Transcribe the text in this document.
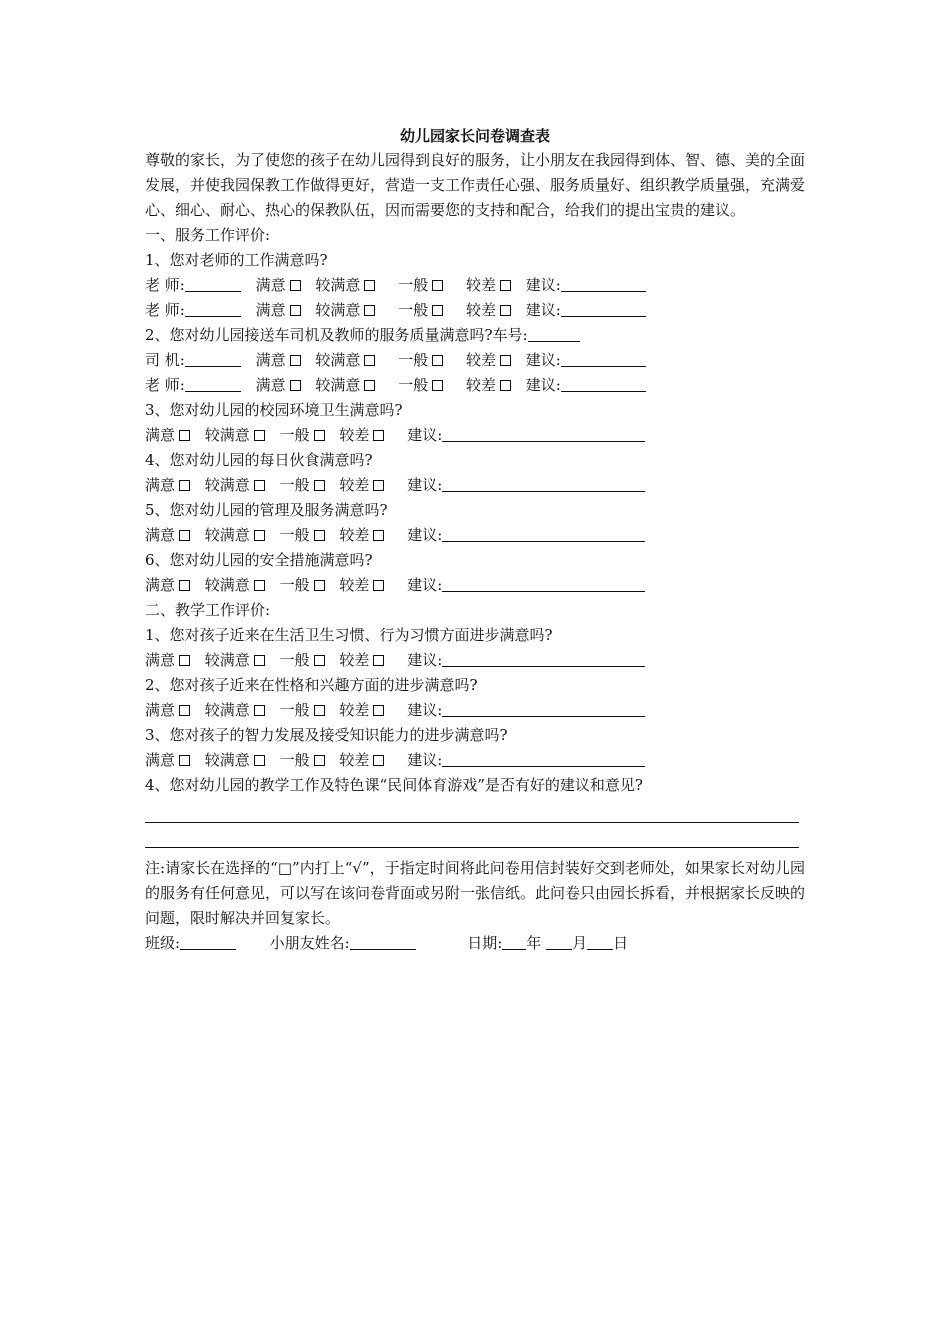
幼儿园家长问卷调查表

尊敬的家长，为了使您的孩子在幼儿园得到良好的服务，让小朋友在我园得到体、智、德、美的全面发展，并使我园保教工作做得更好，营造一支工作责任心强、服务质量好、组织教学质量强，充满爱心、细心、耐心、热心的保教队伍，因而需要您的支持和配合，给我们的提出宝贵的建议。

一、服务工作评价:
1、您对老师的工作满意吗?
老 师:	满意 较满意	一般	较差 建议:
老 师:	满意 较满意	一般	较差 建议:
2、您对幼儿园接送车司机及教师的服务质量满意吗?车号:
司 机:	满意 较满意	一般	较差 建议:
老 师:	满意 较满意	一般	较差 建议:
3、您对幼儿园的校园环境卫生满意吗?
满意 较满意 一般 较差	建议:
4、您对幼儿园的每日伙食满意吗?
满意 较满意 一般 较差	建议:
5、您对幼儿园的管理及服务满意吗?
满意 较满意 一般 较差	建议:
6、您对幼儿园的安全措施满意吗?
满意 较满意 一般 较差	建议:
二、教学工作评价:
1、您对孩子近来在生活卫生习惯、行为习惯方面进步满意吗?
满意 较满意 一般 较差	建议:
2、您对孩子近来在性格和兴趣方面的进步满意吗?
满意 较满意 一般 较差	建议:
3、您对孩子的智力发展及接受知识能力的进步满意吗?
满意 较满意 一般 较差	建议:
4、您对幼儿园的教学工作及特色课“民间体育游戏”是否有好的建议和意见?

注:请家长在选择的“□”内打上“√”，于指定时间将此问卷用信封装好交到老师处，如果家长对幼儿园的服务有任何意见，可以写在该问卷背面或另附一张信纸。此问卷只由园长拆看，并根据家长反映的问题，限时解决并回复家长。

班级:	小朋友姓名:	日期: 年 月 日
